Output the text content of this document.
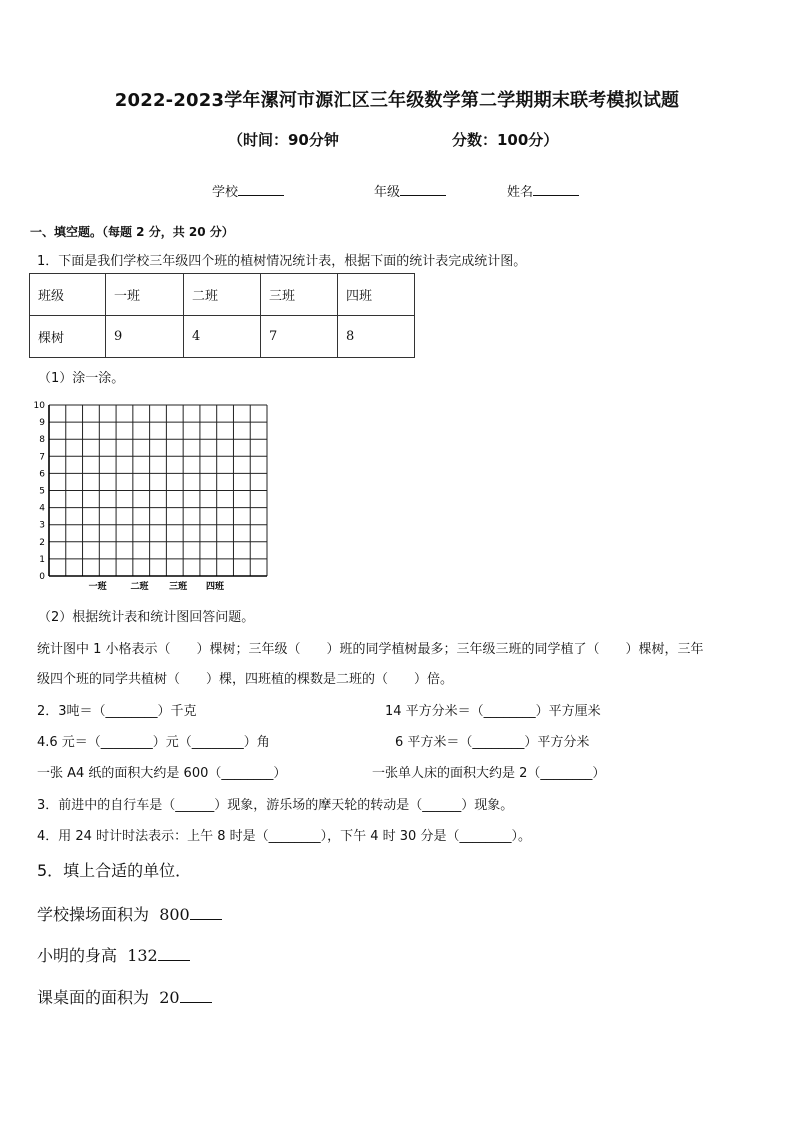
2022-2023学年漯河市源汇区三年级数学第二学期期末联考模拟试题
（时间：90分钟	分数：100分）
学校	年级	姓名
一、填空题。（每题 2 分，共 20 分）
1．下面是我们学校三年级四个班的植树情况统计表，根据下面的统计表完成统计图。
班级	一班	二班	三班	四班
棵树	9	4	7	8
（1）涂一涂。
0
1
2
3
4
5
6
7
8
9
10
一班	二班 三班 四班
（2）根据统计表和统计图回答问题。
统计图中 1 小格表示（　　）棵树；三年级（　　）班的同学植树最多；三年级三班的同学植了（　　）棵树，三年
级四个班的同学共植树（　　）棵，四班植的棵数是二班的（　　）倍。
2．3吨＝（________）千克	14 平方分米＝（________）平方厘米
4.6 元＝（________）元（________）角	6 平方米＝（________）平方分米
一张 A4 纸的面积大约是 600（________）	一张单人床的面积大约是 2（________）
3．前进中的自行车是（______）现象，游乐场的摩天轮的转动是（______）现象。
4．用 24 时计时法表示：上午 8 时是（________），下午 4 时 30 分是（________）。
5．填上合适的单位．
学校操场面积为 800
小明的身高 132
课桌面的面积为 20
